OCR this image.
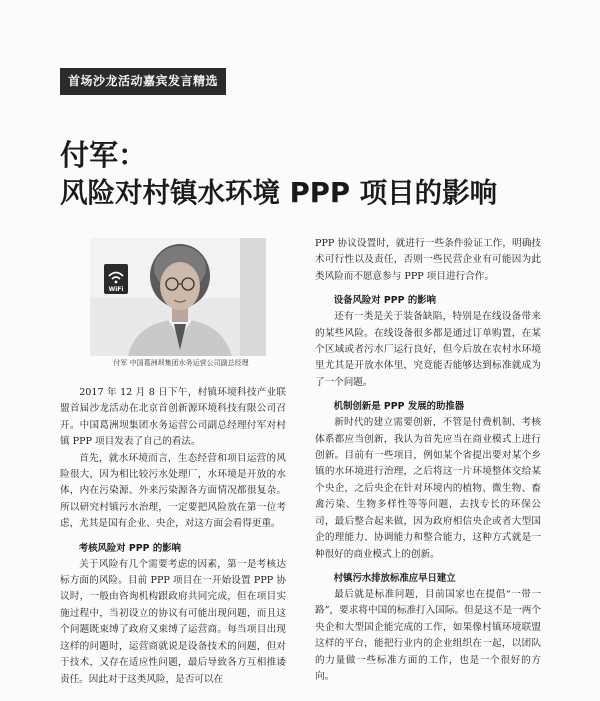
首场沙龙活动嘉宾发言精选
付军：
风险对村镇水环境 PPP 项目的影响
WiFi
付军 中国葛洲坝集团水务运营公司副总经理

2017 年 12 月 8 日下午，村镇环境科技产业联盟首届沙龙活动在北京首创新源环境科技有限公司召开。中国葛洲坝集团水务运营公司副总经理付军对村镇 PPP 项目发表了自己的看法。

首先，就水环境而言，生态经营和项目运营的风险很大，因为相比较污水处理厂，水环境是开放的水体，内在污染源、外来污染源各方面情况都很复杂。所以研究村镇污水治理，一定要把风险放在第一位考虑，尤其是国有企业、央企，对这方面会看得更重。

考核风险对 PPP 的影响

关于风险有几个需要考虑的因素，第一是考核达标方面的风险。目前 PPP 项目在一开始设置 PPP 协议时，一般由咨询机构跟政府共同完成，但在项目实施过程中，当初设立的协议有可能出现问题，而且这个问题既束缚了政府又束缚了运营商。每当项目出现这样的问题时，运营商就说是设备技术的问题，但对于技术，又存在适应性问题，最后导致各方互相推诿责任。因此对于这类风险，是否可以在

PPP 协议设置时，就进行一些条件验证工作，明确技术可行性以及责任，否则一些民营企业有可能因为此类风险而不愿意参与 PPP 项目进行合作。

设备风险对 PPP 的影响

还有一类是关于装备缺陷，特别是在线设备带来的某些风险。在线设备很多都是通过订单购置，在某个区域或者污水厂运行良好，但今后放在农村水环境里尤其是开放水体里，究竟能否能够达到标准就成为了一个问题。

机制创新是 PPP 发展的助推器

新时代的建立需要创新，不管是付费机制、考核体系都应当创新，我认为首先应当在商业模式上进行创新。目前有一些项目，例如某个省提出要对某个乡镇的水环境进行治理，之后将这一片环境整体交给某个央企，之后央企在针对环境内的植物、微生物、畜禽污染、生物多样性等等问题，去找专长的环保公司，最后整合起来做，因为政府相信央企或者大型国企的理能力、协调能力和整合能力，这种方式就是一种很好的商业模式上的创新。

村镇污水排放标准应早日建立

最后就是标准问题，目前国家也在提倡“一带一路”，要求将中国的标准打入国际。但是这不是一两个央企和大型国企能完成的工作，如果像村镇环境联盟这样的平台，能把行业内的企业组织在一起，以团队的力量做一些标准方面的工作，也是一个很好的方向。
